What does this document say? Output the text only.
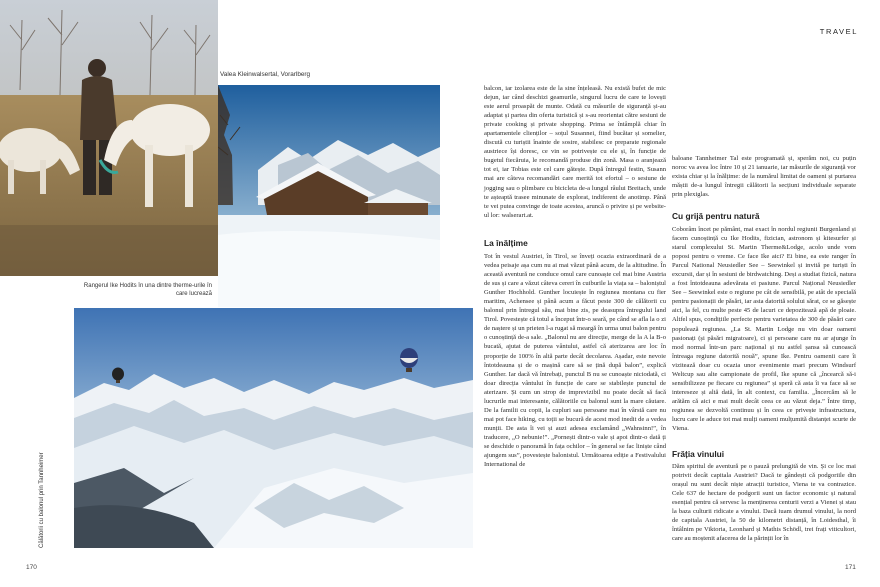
Valea Kleinwalsertal, Vorarlberg
Rangerul Ike Hodits în una dintre therme-urile în care lucrează
Călătorii cu balonul prin Tannheimer
170
TRAVEL

balcon, iar izolarea este de la sine înțeleasă. Nu există bufet de mic dejun, iar când deschizi geamurile, singurul lucru de care te lovești este aerul proaspăt de munte. Odată cu măsurile de siguranță și-au adaptat și partea din oferta turistică și s-au reorientat către sesiuni de private cooking și private shopping. Prima se întâmplă chiar în apartamentele clienților – soțul Susannei, fiind bucătar și somelier, discută cu turiștii înainte de sosire, stabilesc ce preparate regionale austriece își doresc, ce vin se potrivește cu ele și, în funcție de bugetul fiecăruia, le recomandă produse din zonă. Masa o aranjează tot ei, iar Tobias este cel care gătește. După întregul festin, Susann mai are câteva recomandări care merită tot efortul – o sesiune de jogging sau o plimbare cu bicicleta de-a lungul râului Breitach, unde te așteaptă trasee minunate de explorat, indiferent de anotimp. Până te vei putea convinge de toate acestea, aruncă o privire și pe website-ul lor: walserart.at.

La înălțime

Tot în vestul Austriei, în Tirol, se înveți ocazia extraordinară de a vedea peisaje așa cum nu ai mai văzut până acum, de la altitudine. În această aventură ne conduce omul care cunoaște cel mai bine Austria de sus și care a văzut câteva cereri în cuiburile la viața sa – baloniștul Gunther Hochhold. Gunther locuiește în regiunea montana cu fier maritim, Achensee și până acum a făcut peste 300 de călătorii cu balonul prin întregul său, mai bine zis, pe deasupra întregului land Tirol. Povestește că totul a început într-o seară, pe când se afla la o zi de naștere și un prieten l-a rugat să meargă în urma unui balon pentru o cunoștință de-a sale. „Balonul nu are direcție, merge de la A la B-o bucată, ajutat de puterea vântului, astfel că aterizarea are loc în proporție de 100% în altă parte decât decolarea. Așadar, este nevoie întotdeauna și de o mașină care să se țină după balon”, explică Gunther. Iar dacă vă întrebați, punctul B nu se cunoaște niciodată, ci doar direcția vântului în funcție de care se stabilește punctul de aterizare. Și cum un strop de imprevizibil nu poate decât să facă lucrurile mai interesante, călătoriile cu balonul sunt la mare căutare. De la familii cu copii, la cupluri sau persoane mai în vârstă care nu mai pot face hiking, cu toții se bucură de acest mod inedit de a vedea munții. De asta îi vei și auzi adesea exclamând „Wahnsinn!”, în traducere, „O nebunie!”. „Pornești dintr-o vale și apoi dintr-o dată ți se deschide o panoramă în fața ochilor – în general se fac liniște când ajungem sus”, povestește balonistul. Următoarea ediție a Festivalului International de

baloane Tannheimer Tal este programată și, sperăm noi, cu puțin noroc va avea loc între 10 și 21 ianuarie, iar măsurile de siguranță vor exista chiar și la înălțime: de la numărul limitat de oameni și purtarea măștii de-a lungul întregii călătorii la secțiuni individuale separate prin plexiglas.

Cu grijă pentru natură

Coborâm încet pe pământ, mai exact în nordul regiunii Burgenland și facem cunoștință cu Ike Hodits, fizician, astronom și kitesurfer și starul complexului St. Martin Therme&Lodge, acolo unde vom poposi pentru o vreme. Ce face Ike aici? Ei bine, ea este ranger în Parcul National Neusiedler See – Seewinkel și invită pe turiști în excursii, dar și în sesiuni de birdwatching. Deși a studiat fizică, natura a fost întotdeauna adevărata ei pasiune. Parcul Național Neusiedler See – Seewinkel este o regiune pe cât de sensibilă, pe atât de specială pentru pasionații de păsări, iar asta datorită solului sărat, ce se găsește aici, la fel, cu multe peste 45 de lacuri ce depozitează apă de ploaie. Altfel spus, condițiile perfecte pentru varietatea de 300 de păsări care populează regiunea. „La St. Martin Lodge nu vin doar oameni pasionați (și păsări migratoare), ci și persoane care nu ar ajunge în mod normal într-un parc național și nu astfel șansa să cunoască întreaga regiune datorită nouă”, spune Ike. Pentru oamenii care îi vizitează doar cu ocazia unor evenimente mari precum Windsurf Weltcup sau alte campionate de profil, Ike spune că „încearcă să-i sensibilizeze pe fiecare cu regiunea” și speră că asta îi va face să se intereseze și altă dată, în alt context, cu familia. „Încercăm să le arătăm că aici e mai mult decât ceea ce au văzut deja.” Între timp, regiunea se dezvoltă continuu și în ceea ce privește infrastructura, lucru care le aduce tot mai mulți oameni mulțumită distanței scurte de Viena.

Frăția vinului

Dăm spiritul de aventură pe o pauză prelungită de vin. Și ce loc mai potrivit decât capitala Austriei? Dacă te gândești că podgoriile din orașul nu sunt decât niște atracții turistice, Viena te va contrazice. Cele 637 de hectare de podgorii sunt un factor economic și natural esențial pentru că servesc la menținerea centurii verzi a Vienei și stau la baza culturii ridicate a vinului. Dacă iuam drumul vinului, la nord de capitala Austriei, la 50 de kilometri distanță, în Loidesthal, îi întâlnim pe Viktoria, Leonhard și Mathis Schödl, trei frați viticultori, care au moștenit afacerea de la părinții lor în

171
